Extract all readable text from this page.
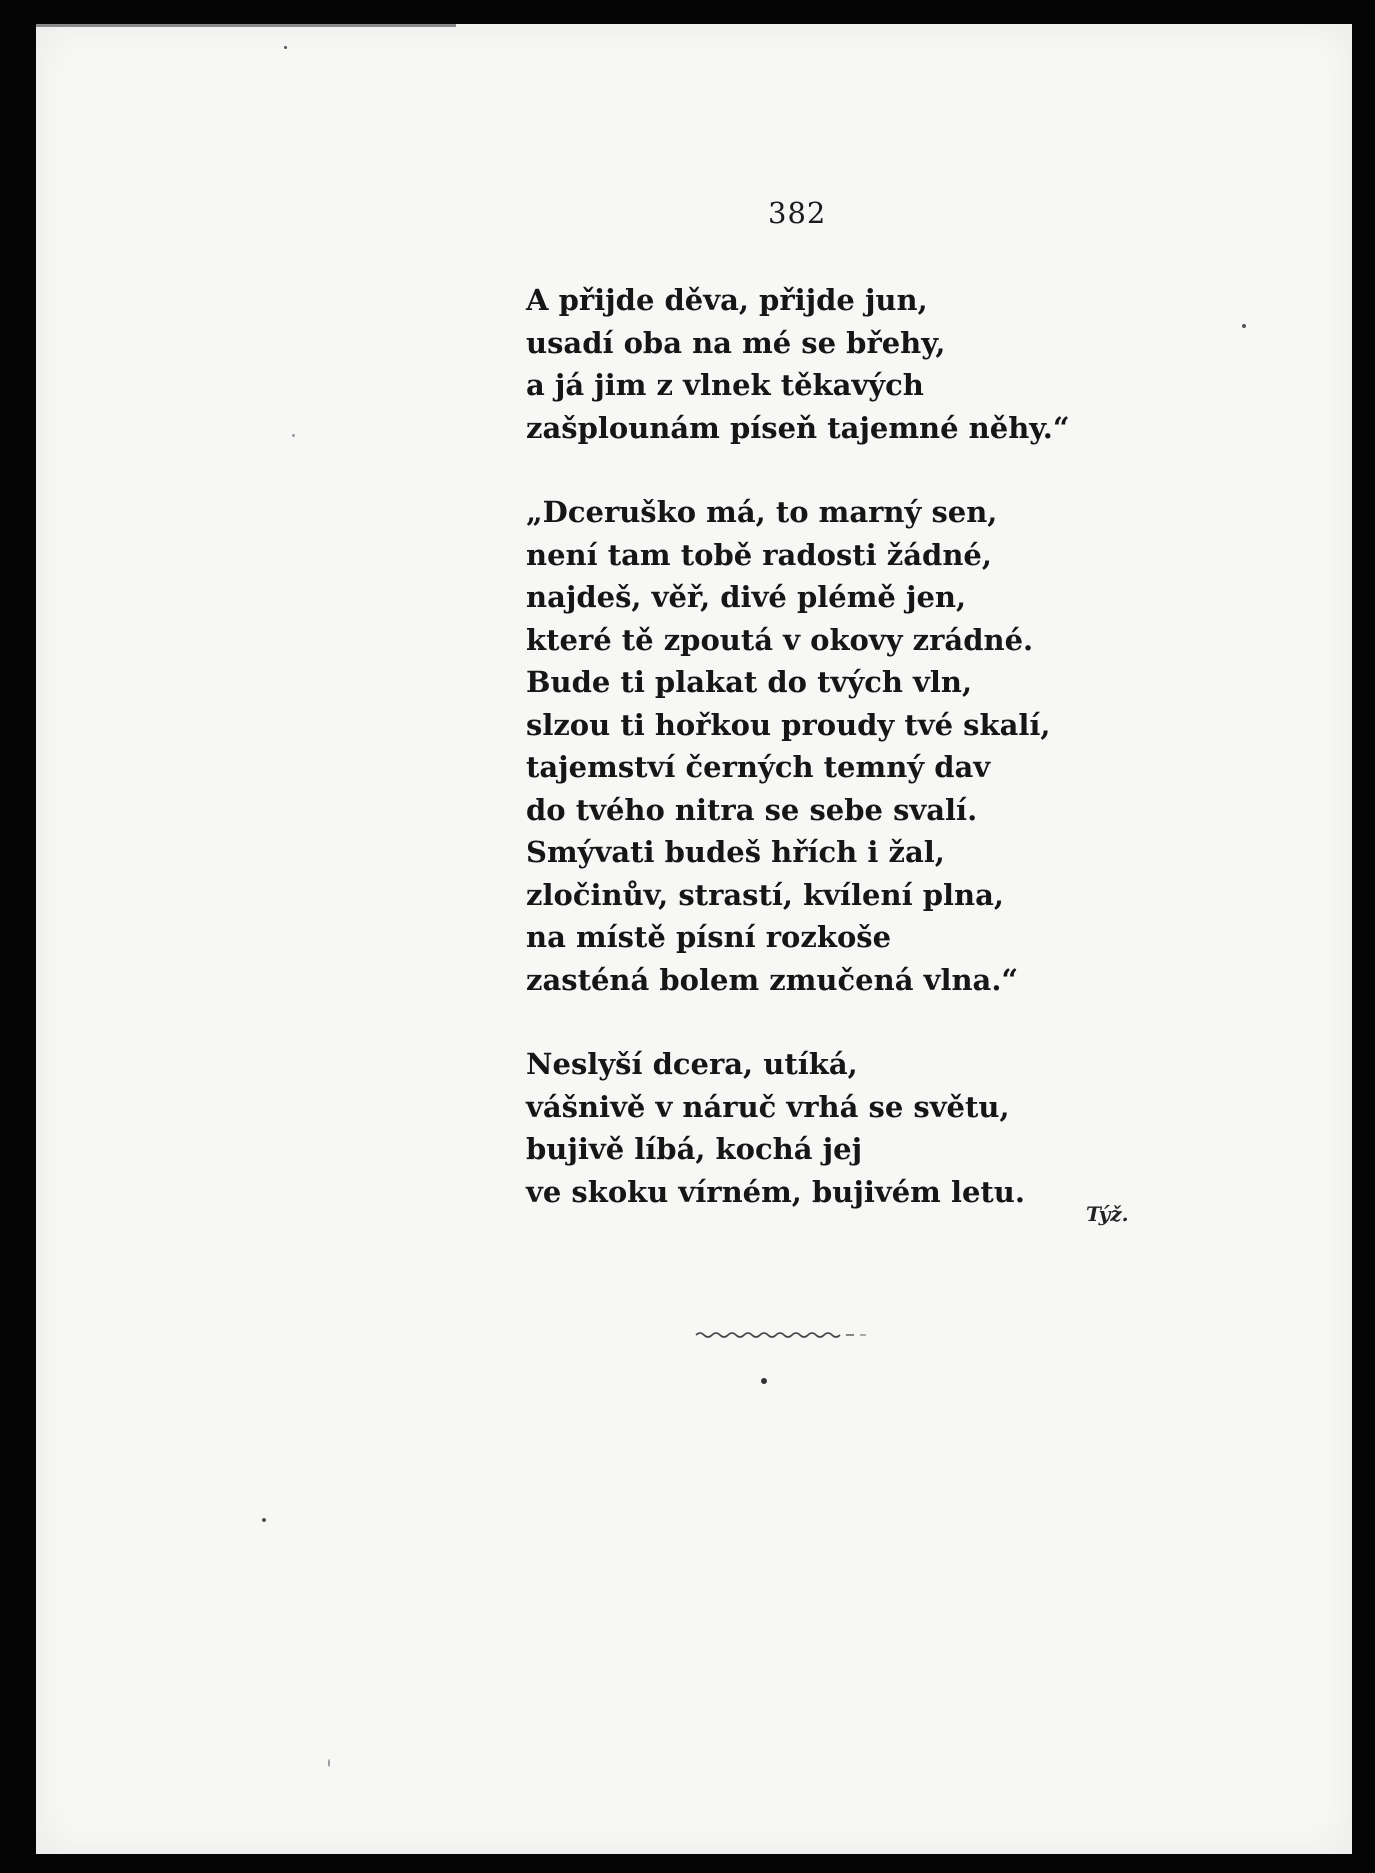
382
A přijde děva, přijde jun,
usadí oba na mé se břehy,
a já jim z vlnek těkavých
zašplounám píseň tajemné něhy.“
„Dceruško má, to marný sen,
není tam tobě radosti žádné,
najdeš, věř, divé plémě jen,
které tě zpoutá v okovy zrádné.
Bude ti plakat do tvých vln,
slzou ti hořkou proudy tvé skalí,
tajemství černých temný dav
do tvého nitra se sebe svalí.
Smývati budeš hřích i žal,
zločinův, strastí, kvílení plna,
na místě písní rozkoše
zasténá bolem zmučená vlna.“
Neslyší dcera, utíká,
vášnivě v náruč vrhá se světu,
bujivě líbá, kochá jej
ve skoku vírném, bujivém letu.
Týž.
